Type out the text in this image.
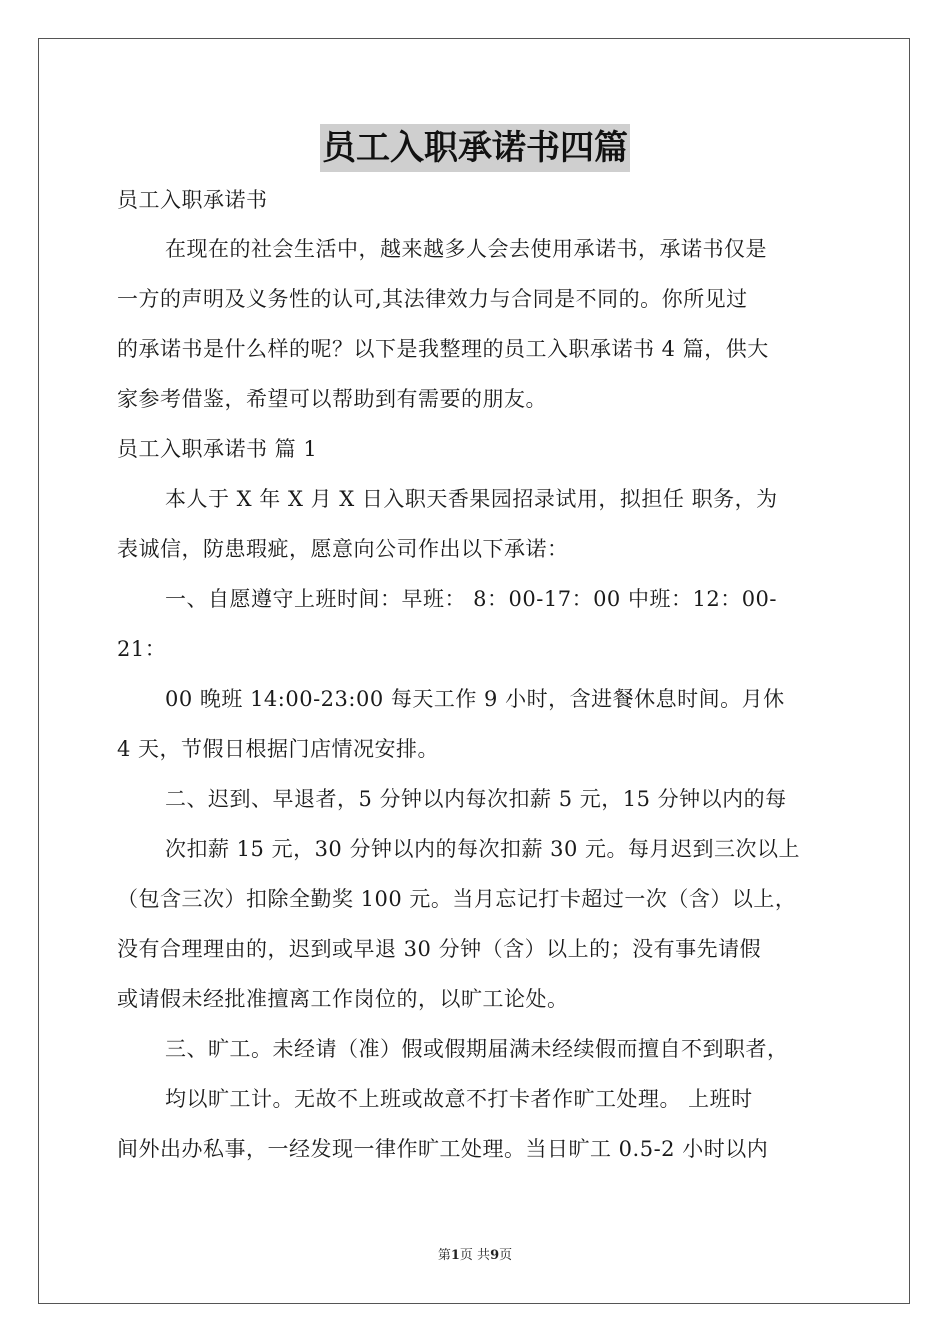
员工入职承诺书四篇
员工入职承诺书
在现在的社会生活中，越来越多人会去使用承诺书，承诺书仅是
一方的声明及义务性的认可,其法律效力与合同是不同的。你所见过
的承诺书是什么样的呢？以下是我整理的员工入职承诺书 4 篇，供大
家参考借鉴，希望可以帮助到有需要的朋友。
员工入职承诺书 篇 1
本人于 X 年 X 月 X 日入职天香果园招录试用，拟担任 职务，为
表诚信，防患瑕疵，愿意向公司作出以下承诺：
一、自愿遵守上班时间：早班： 8：00-17：00 中班：12：00-
21：
00 晚班 14:00-23:00 每天工作 9 小时，含进餐休息时间。月休
4 天，节假日根据门店情况安排。
二、迟到、早退者，5 分钟以内每次扣薪 5 元，15 分钟以内的每
次扣薪 15 元，30 分钟以内的每次扣薪 30 元。每月迟到三次以上
（包含三次）扣除全勤奖 100 元。当月忘记打卡超过一次（含）以上，
没有合理理由的，迟到或早退 30 分钟（含）以上的；没有事先请假
或请假未经批准擅离工作岗位的，以旷工论处。
三、旷工。未经请（准）假或假期届满未经续假而擅自不到职者，
均以旷工计。无故不上班或故意不打卡者作旷工处理。 上班时
间外出办私事，一经发现一律作旷工处理。当日旷工 0.5-2 小时以内
第1页 共9页
